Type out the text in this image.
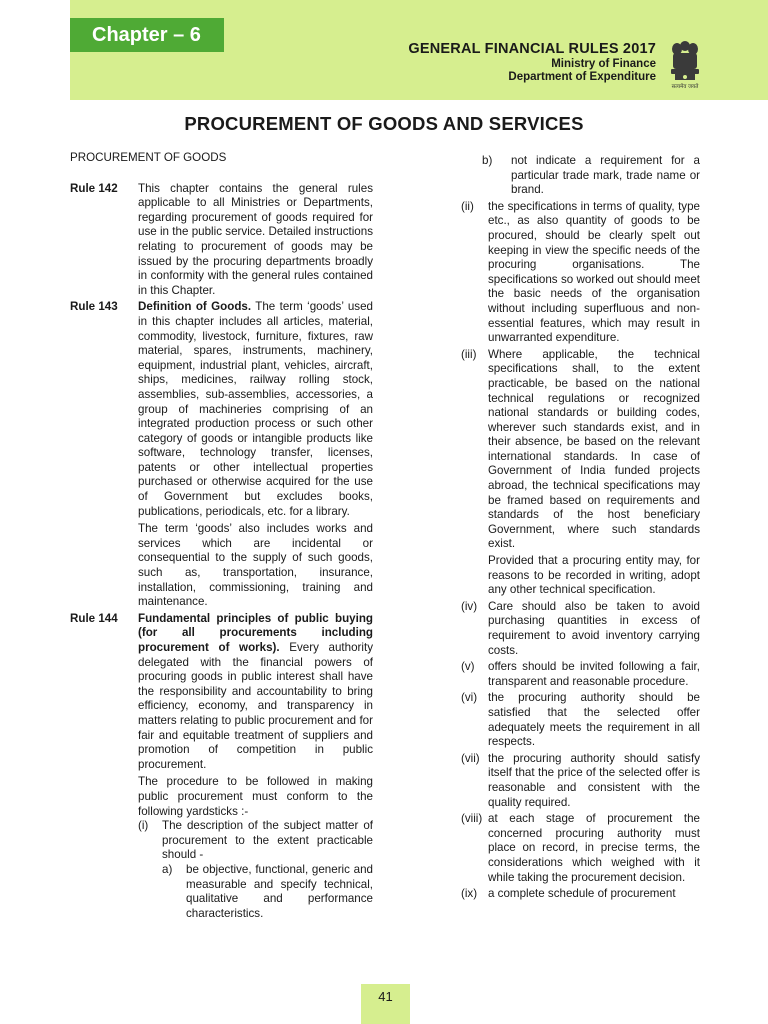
Chapter – 6
GENERAL FINANCIAL RULES 2017
Ministry of Finance
Department of Expenditure
सत्यमेव जयते
PROCUREMENT OF GOODS AND SERVICES
PROCUREMENT OF GOODS
Rule 142	This chapter contains the general rules applicable to all Ministries or Departments, regarding procurement of goods required for use in the public service. Detailed instructions relating to procurement of goods may be issued by the procuring departments broadly in conformity with the general rules contained in this Chapter.

Rule 143	Definition of Goods. The term ‘goods’ used in this chapter includes all articles, material, commodity, livestock, furniture, fixtures, raw material, spares, instruments, machinery, equipment, industrial plant, vehicles, aircraft, ships, medicines, railway rolling stock, assemblies, sub-assemblies, accessories, a group of machineries comprising of an integrated production process or such other category of goods or intangible products like software, technology transfer, licenses, patents or other intellectual properties purchased or otherwise acquired for the use of Government but excludes books, publications, periodicals, etc. for a library.

The term ‘goods’ also includes works and services which are incidental or consequential to the supply of such goods, such as, transportation, insurance, installation, commissioning, training and maintenance.

Rule 144	Fundamental principles of public buying (for all procurements including procurement of works). Every authority delegated with the financial powers of procuring goods in public interest shall have the responsibility and accountability to bring efficiency, economy, and transparency in matters relating to public procurement and for fair and equitable treatment of suppliers and promotion of competition in public procurement.

The procedure to be followed in making public procurement must conform to the following yardsticks :-

(i)	The description of the subject matter of procurement to the extent practicable should -
a)	be objective, functional, generic and measurable and specify technical, qualitative and performance characteristics.
b)	not indicate a requirement for a particular trade mark, trade name or brand.
(ii)	the specifications in terms of quality, type etc., as also quantity of goods to be procured, should be clearly spelt out keeping in view the specific needs of the procuring organisations. The specifications so worked out should meet the basic needs of the organisation without including superfluous and non-essential features, which may result in unwarranted expenditure.
(iii) Where applicable, the technical specifications shall, to the extent practicable, be based on the national technical regulations or recognized national standards or building codes, wherever such standards exist, and in their absence, be based on the relevant international standards. In case of Government of India funded projects abroad, the technical specifications may be framed based on requirements and standards of the host beneficiary Government, where such standards exist.
Provided that a procuring entity may, for reasons to be recorded in writing, adopt any other technical specification.
(iv) Care should also be taken to avoid purchasing quantities in excess of requirement to avoid inventory carrying costs.
(v)	offers should be invited following a fair, transparent and reasonable procedure.
(vi) the procuring authority should be satisfied that the selected offer adequately meets the requirement in all respects.
(vii) the procuring authority should satisfy itself that the price of the selected offer is reasonable and consistent with the quality required.
(viii) at each stage of procurement the concerned procuring authority must place on record, in precise terms, the considerations which weighed with it while taking the procurement decision.
(ix) a complete schedule of procurement
41
